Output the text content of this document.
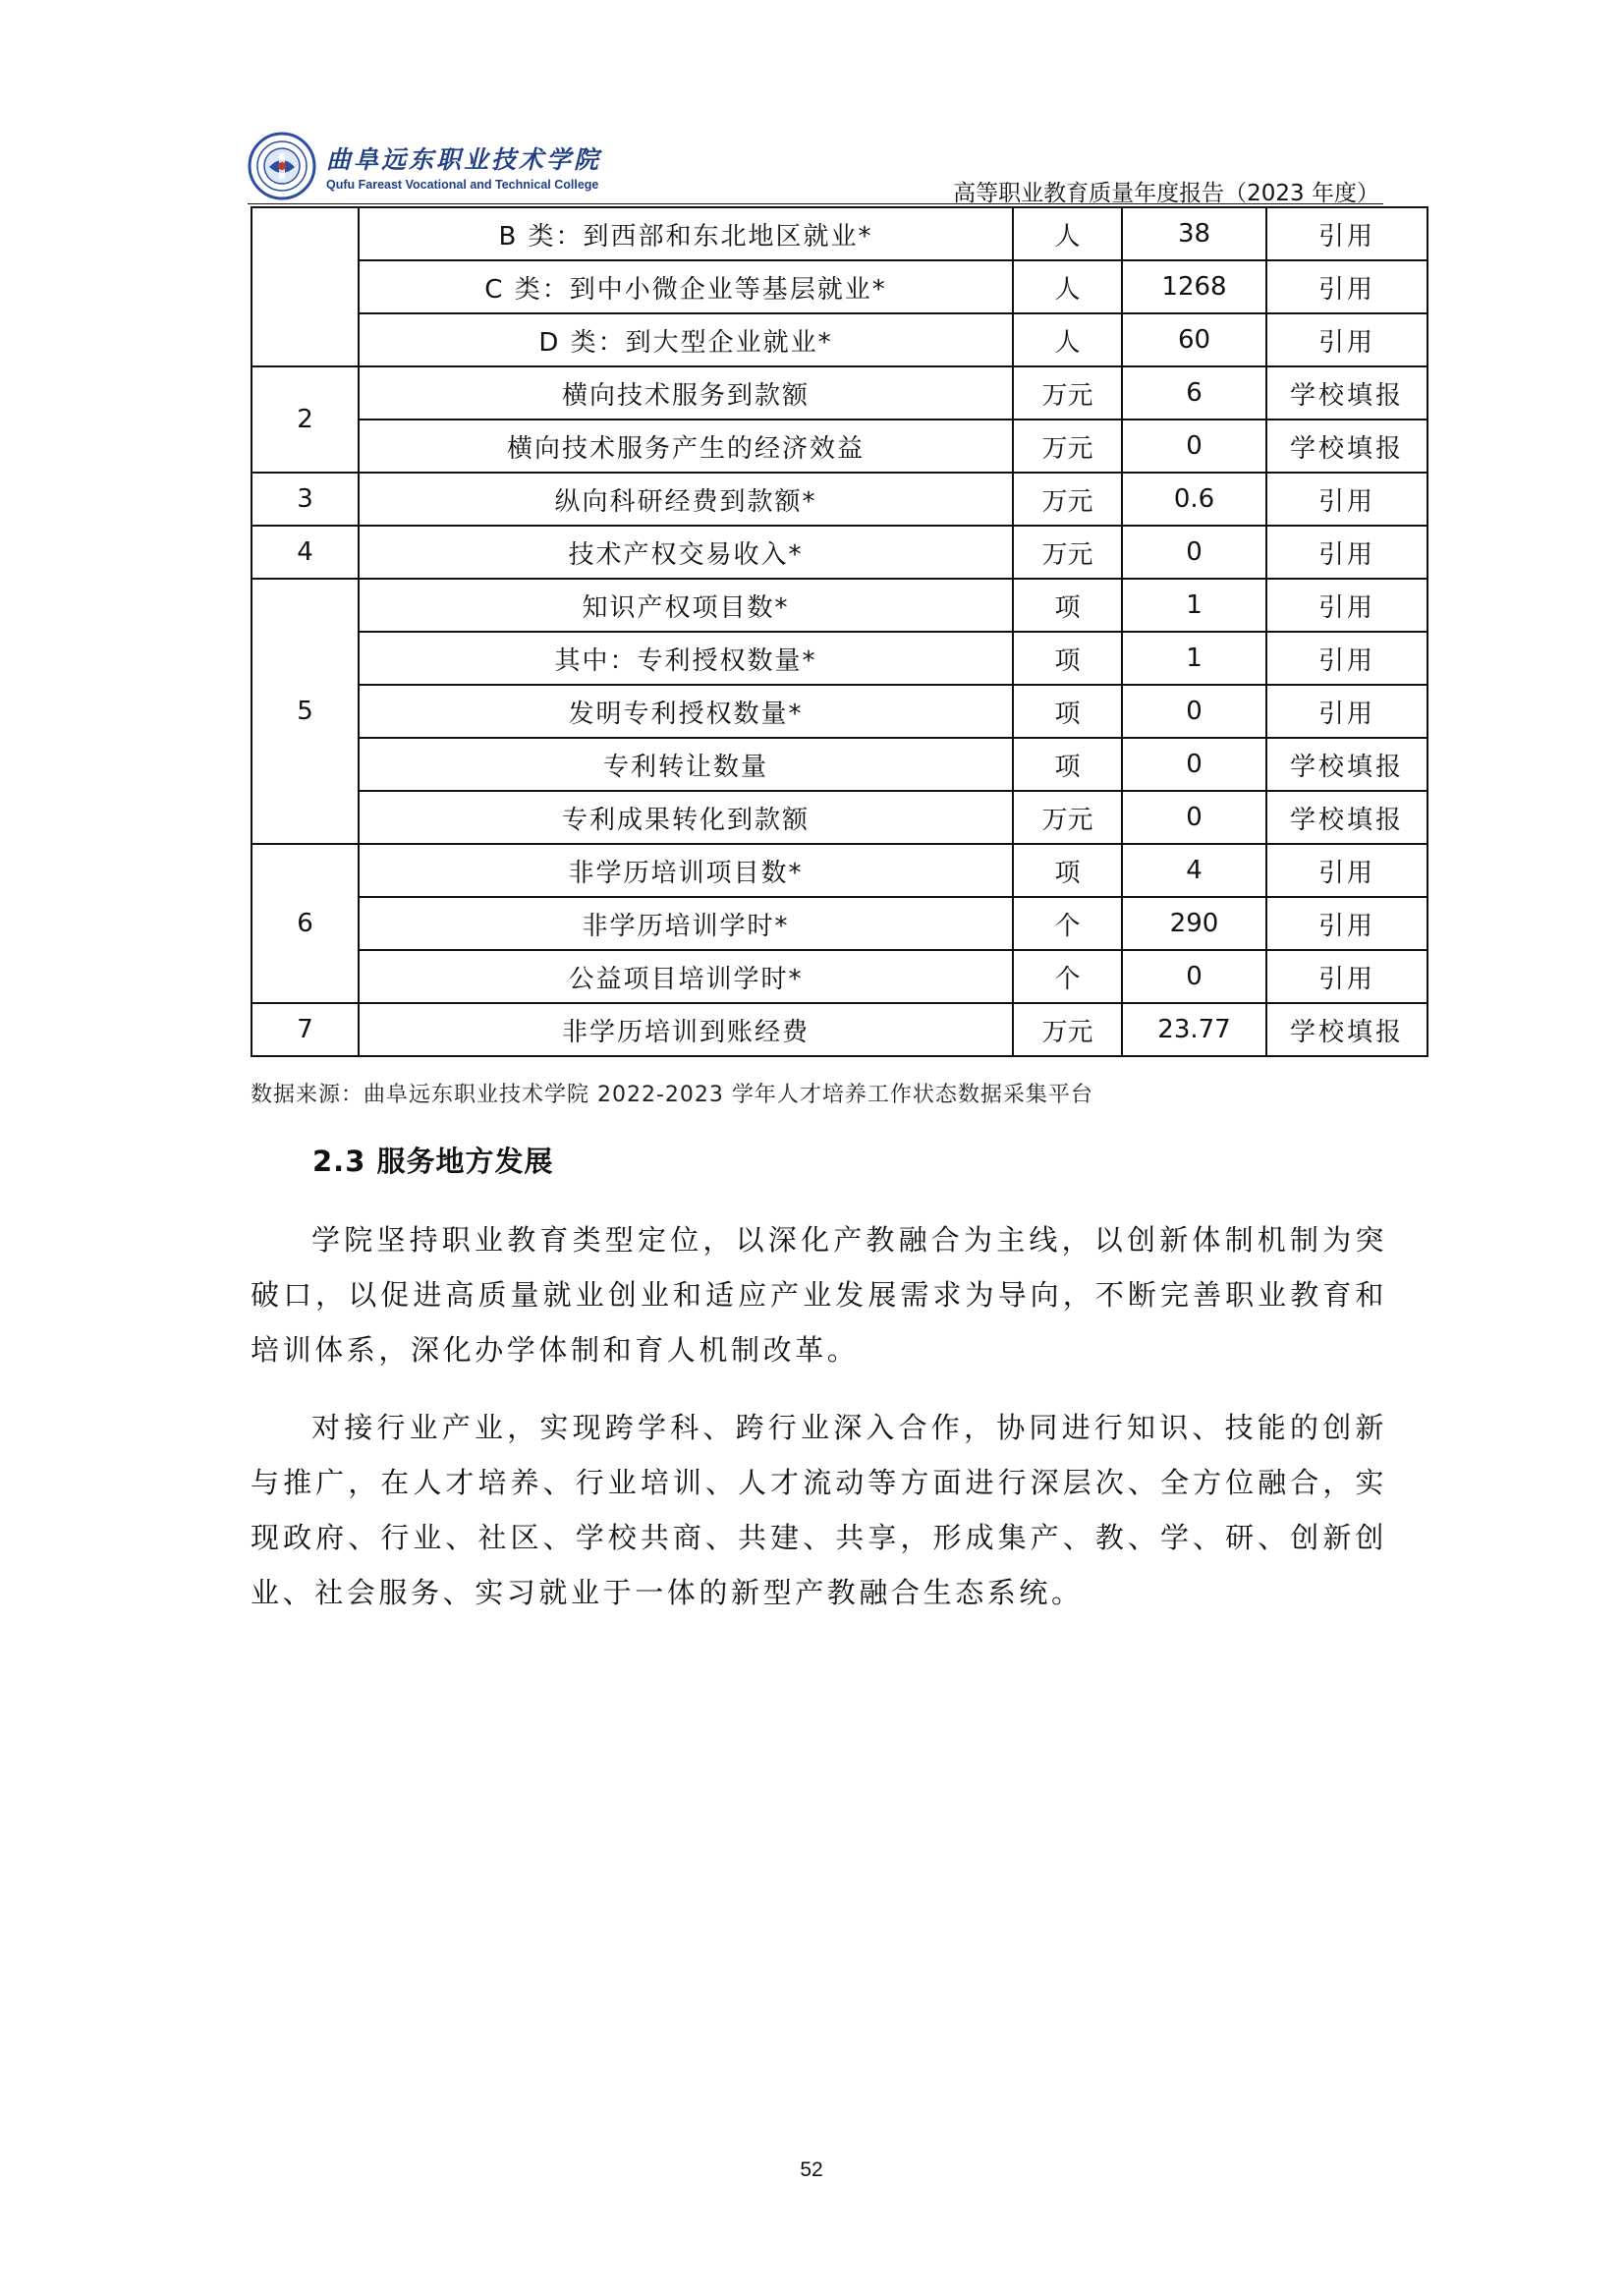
曲阜远东职业技术学院
Qufu Fareast Vocational and Technical College	高等职业教育质量年度报告（2023 年度）
	B 类：到西部和东北地区就业*	人	38	引用
	C 类：到中小微企业等基层就业*	人	1268	引用
	D 类：到大型企业就业*	人	60	引用
2	横向技术服务到款额	万元	6	学校填报
	横向技术服务产生的经济效益	万元	0	学校填报
3	纵向科研经费到款额*	万元	0.6	引用
4	技术产权交易收入*	万元	0	引用
5	知识产权项目数*	项	1	引用
	其中：专利授权数量*	项	1	引用
	发明专利授权数量*	项	0	引用
	专利转让数量	项	0	学校填报
	专利成果转化到款额	万元	0	学校填报
6	非学历培训项目数*	项	4	引用
	非学历培训学时*	个	290	引用
	公益项目培训学时*	个	0	引用
7	非学历培训到账经费	万元	23.77	学校填报
数据来源：曲阜远东职业技术学院 2022-2023 学年人才培养工作状态数据采集平台
2.3 服务地方发展
学院坚持职业教育类型定位，以深化产教融合为主线，以创新体制机制为突破口，以促进高质量就业创业和适应产业发展需求为导向，不断完善职业教育和培训体系，深化办学体制和育人机制改革。
对接行业产业，实现跨学科、跨行业深入合作，协同进行知识、技能的创新与推广，在人才培养、行业培训、人才流动等方面进行深层次、全方位融合，实现政府、行业、社区、学校共商、共建、共享，形成集产、教、学、研、创新创业、社会服务、实习就业于一体的新型产教融合生态系统。
52
